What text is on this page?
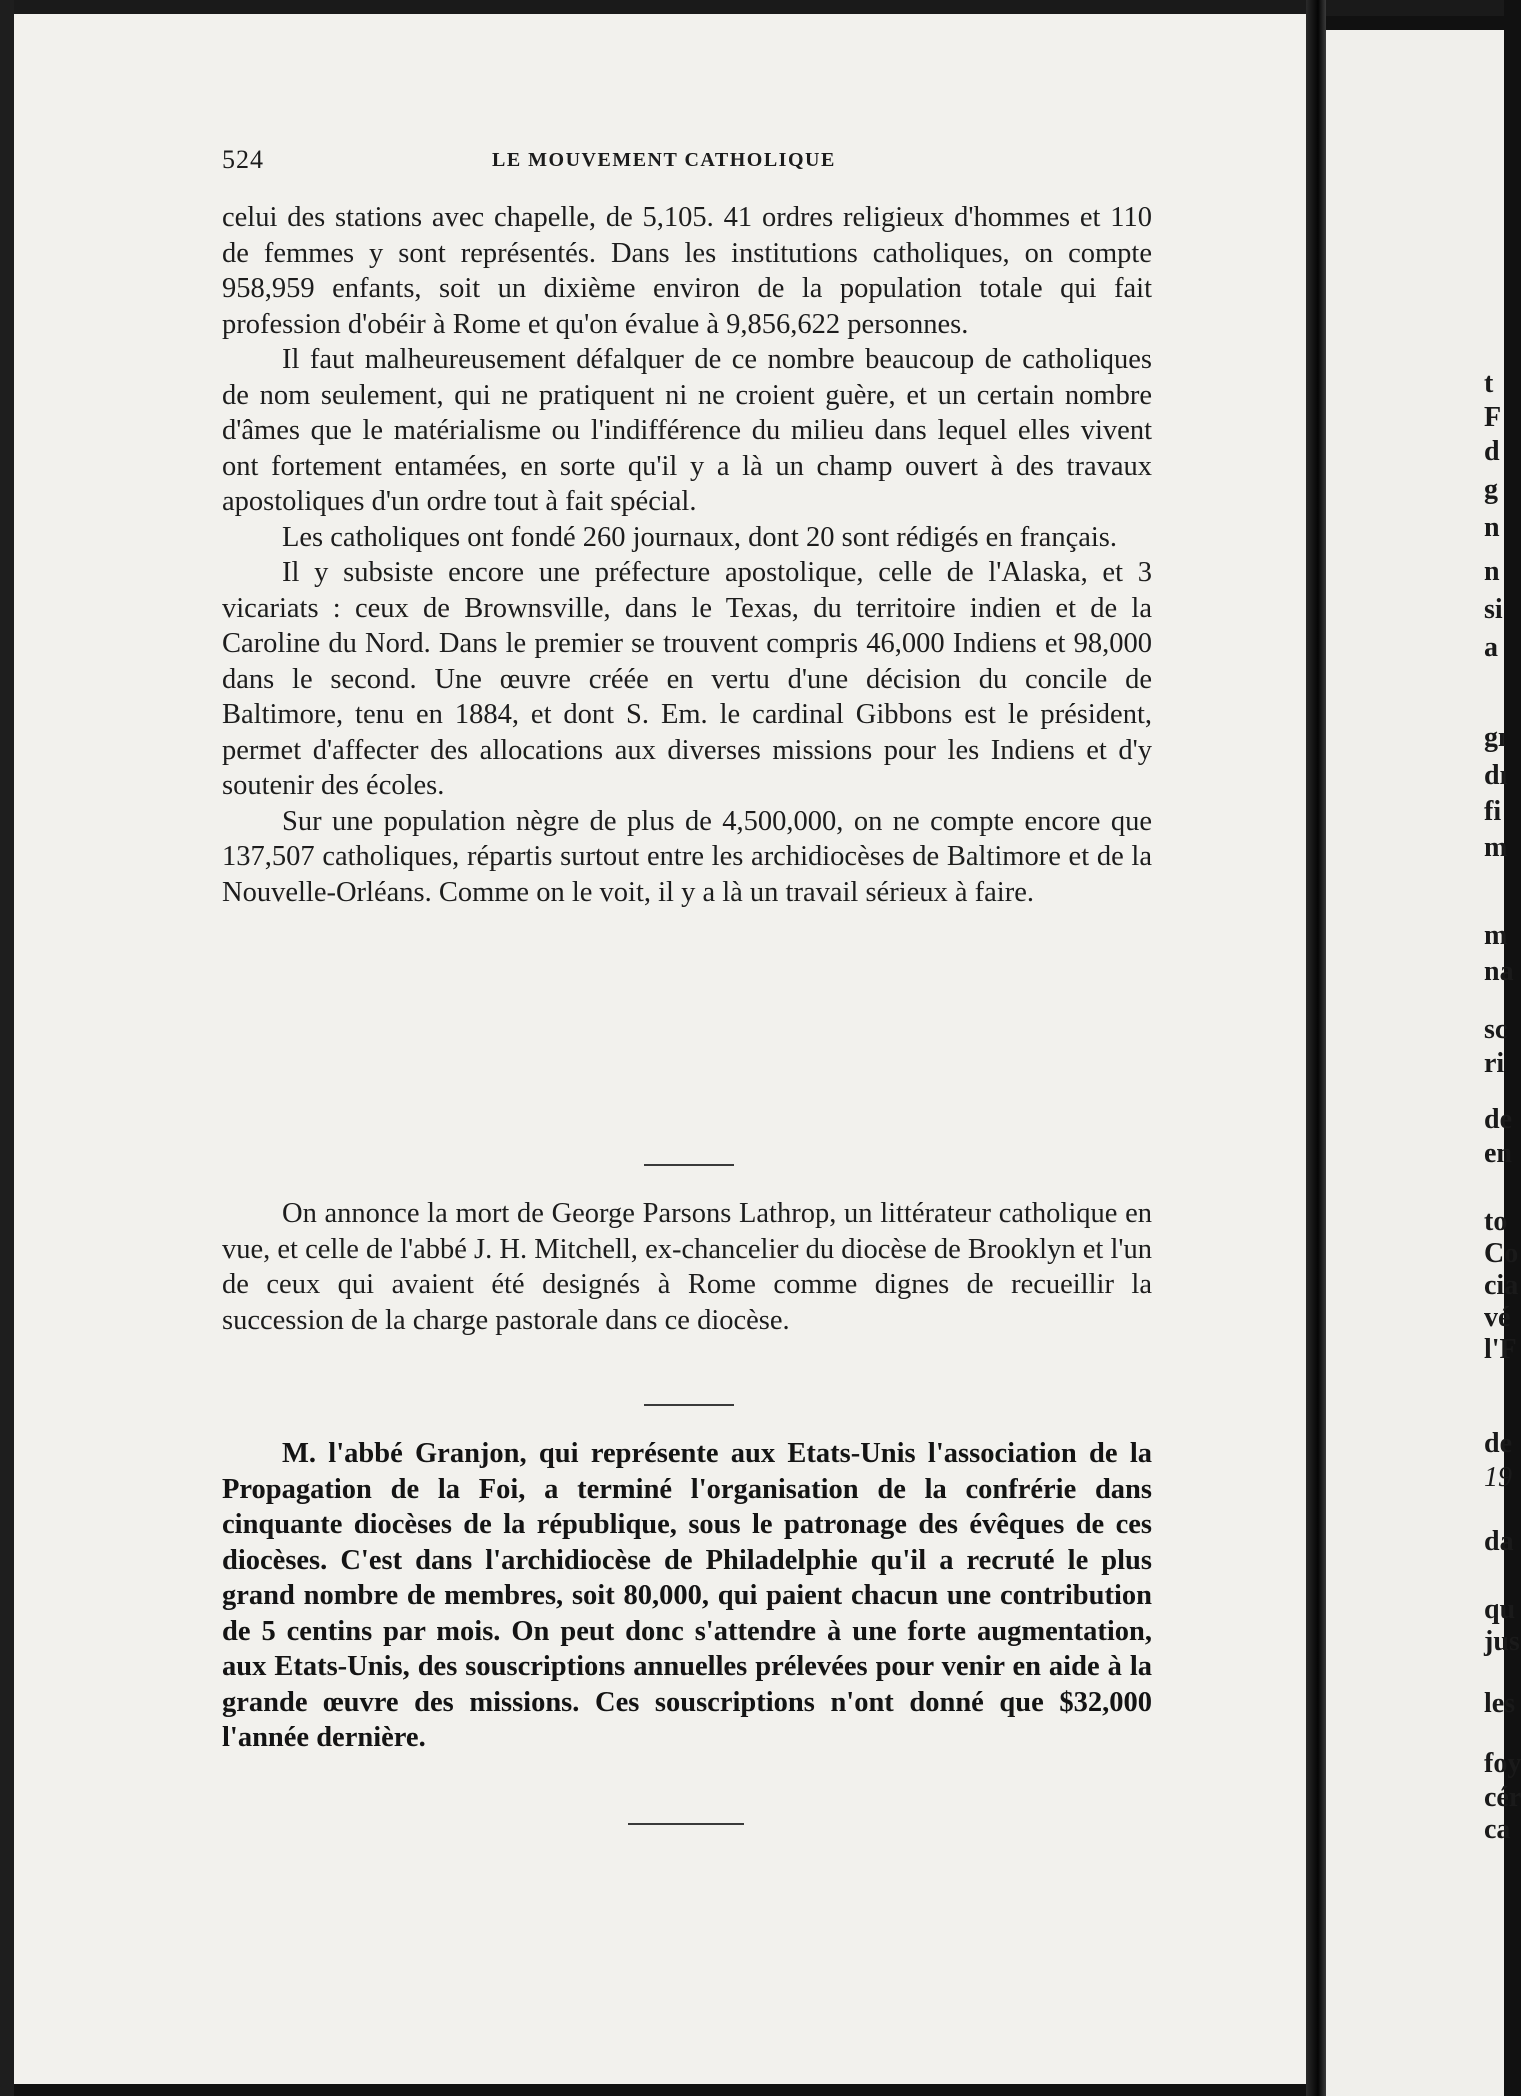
524	LE MOUVEMENT CATHOLIQUE

celui des stations avec chapelle, de 5,105. 41 ordres religieux d'hommes et 110 de femmes y sont représentés. Dans les institutions catholiques, on compte 958,959 enfants, soit un dixième environ de la population totale qui fait profession d'obéir à Rome et qu'on évalue à 9,856,622 personnes.

Il faut malheureusement défalquer de ce nombre beaucoup de catholiques de nom seulement, qui ne pratiquent ni ne croient guère, et un certain nombre d'âmes que le matérialisme ou l'indifférence du milieu dans lequel elles vivent ont fortement entamées, en sorte qu'il y a là un champ ouvert à des travaux apostoliques d'un ordre tout à fait spécial.

Les catholiques ont fondé 260 journaux, dont 20 sont rédigés en français.

Il y subsiste encore une préfecture apostolique, celle de l'Alaska, et 3 vicariats : ceux de Brownsville, dans le Texas, du territoire indien et de la Caroline du Nord. Dans le premier se trouvent compris 46,000 Indiens et 98,000 dans le second. Une œuvre créée en vertu d'une décision du concile de Baltimore, tenu en 1884, et dont S. Em. le cardinal Gibbons est le président, permet d'affecter des allocations aux diverses missions pour les Indiens et d'y soutenir des écoles.

Sur une population nègre de plus de 4,500,000, on ne compte encore que 137,507 catholiques, répartis surtout entre les archidiocèses de Baltimore et de la Nouvelle-Orléans. Comme on le voit, il y a là un travail sérieux à faire.

On annonce la mort de George Parsons Lathrop, un littérateur catholique en vue, et celle de l'abbé J. H. Mitchell, ex-chancelier du diocèse de Brooklyn et l'un de ceux qui avaient été designés à Rome comme dignes de recueillir la succession de la charge pastorale dans ce diocèse.

M. l'abbé Granjon, qui représente aux Etats-Unis l'association de la Propagation de la Foi, a terminé l'organisation de la confrérie dans cinquante diocèses de la république, sous le patronage des évêques de ces diocèses. C'est dans l'archidiocèse de Philadelphie qu'il a recruté le plus grand nombre de membres, soit 80,000, qui paient chacun une contribution de 5 centins par mois. On peut donc s'attendre à une forte augmentation, aux Etats-Unis, des souscriptions annuelles prélevées pour venir en aide à la grande œuvre des missions. Ces souscriptions n'ont donné que $32,000 l'année dernière.

t
F
d
g
n
n
si
a
gı
dı
fi
m
m
na
sc
ri
de
en
to
Co
cia
vé
l'F
de
19
da
qu
jus
les
foy
cér
ca
